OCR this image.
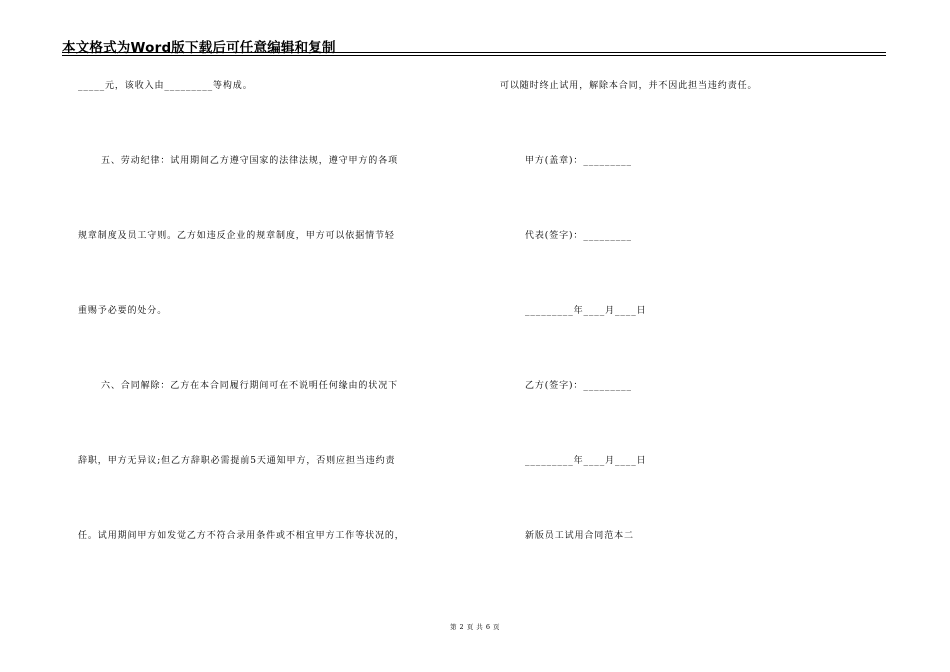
本文格式为Word版下载后可任意编辑和复制
_____元，该收入由_________等构成。
五、劳动纪律：试用期间乙方遵守国家的法律法规，遵守甲方的各项
规章制度及员工守则。乙方如违反企业的规章制度，甲方可以依据情节轻
重赐予必要的处分。
六、合同解除：乙方在本合同履行期间可在不说明任何缘由的状况下
辞职，甲方无异议;但乙方辞职必需提前5天通知甲方，否则应担当违约责
任。试用期间甲方如发觉乙方不符合录用条件或不相宜甲方工作等状况的，
可以随时终止试用，解除本合同，并不因此担当违约责任。
甲方(盖章)：_________
代表(签字)：_________
_________年____月____日
乙方(签字)：_________
_________年____月____日
新版员工试用合同范本二
第 2 页 共 6 页
